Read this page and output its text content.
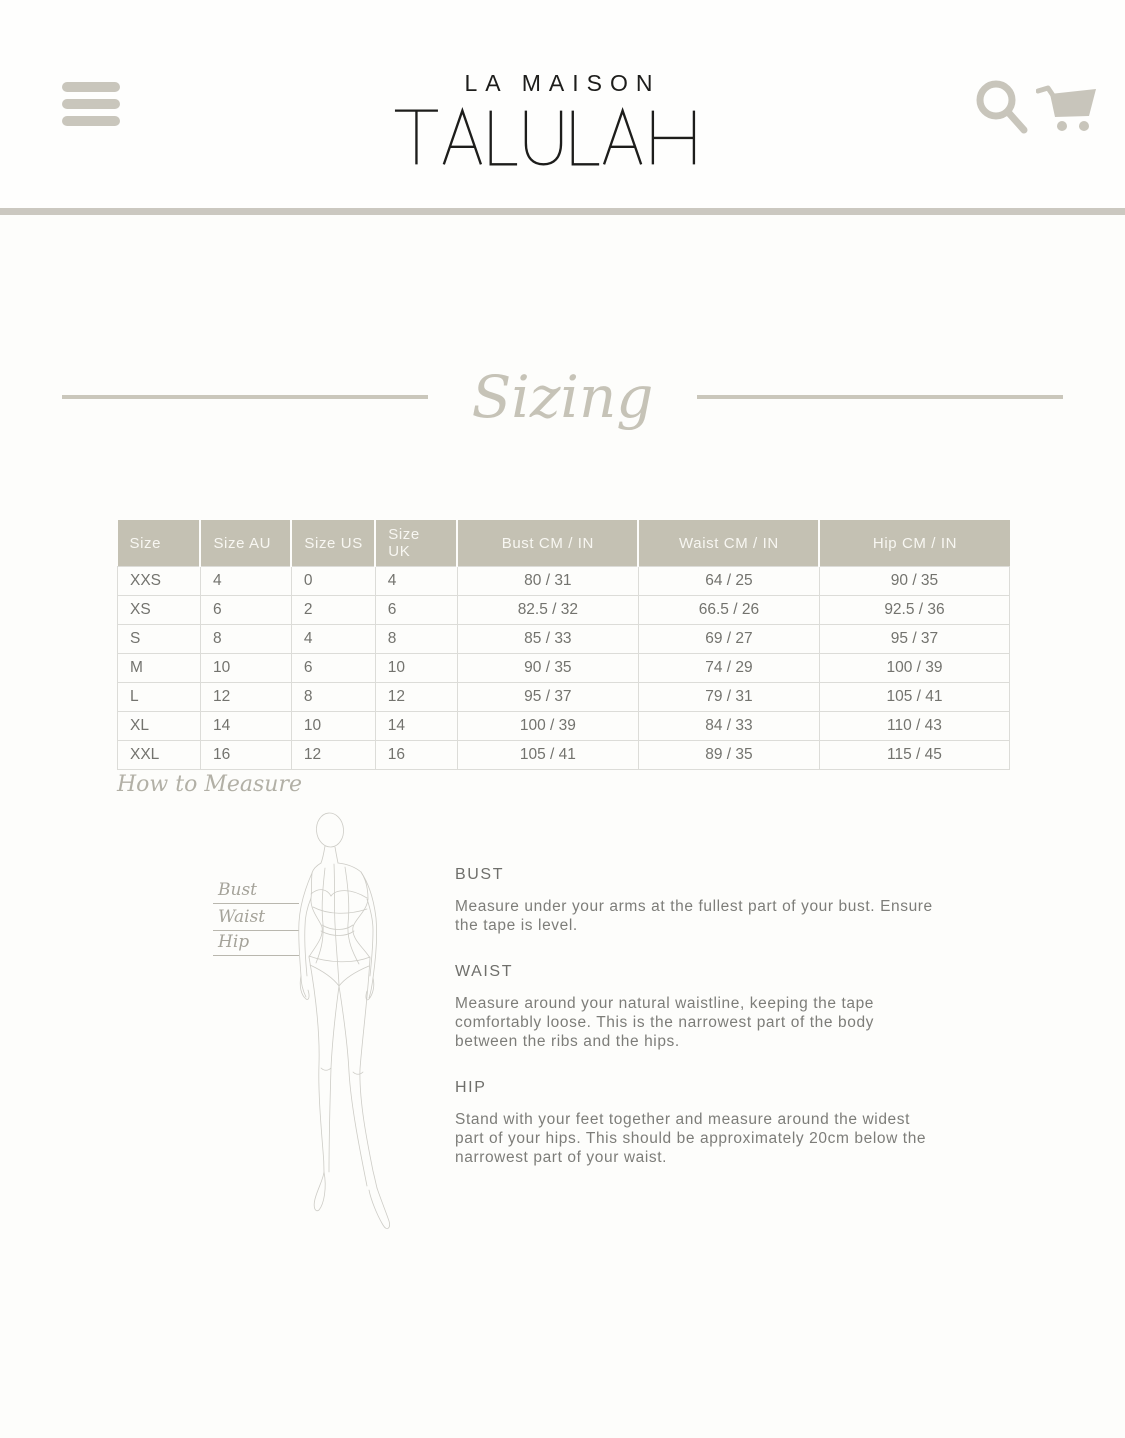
LA MAISON
Sizing
Size	Size AU	Size US	Size UK	Bust CM / IN	Waist CM / IN	Hip CM / IN
XXS	4	0	4	80 / 31	64 / 25	90 / 35
XS	6	2	6	82.5 / 32	66.5 / 26	92.5 / 36
S	8	4	8	85 / 33	69 / 27	95 / 37
M	10	6	10	90 / 35	74 / 29	100 / 39
L	12	8	12	95 / 37	79 / 31	105 / 41
XL	14	10	14	100 / 39	84 / 33	110 / 43
XXL	16	12	16	105 / 41	89 / 35	115 / 45
How to Measure
Bust
Waist
Hip
BUST
Measure under your arms at the fullest part of your bust. Ensure the tape is level.
WAIST
Measure around your natural waistline, keeping the tape comfortably loose. This is the narrowest part of the body between the ribs and the hips.
HIP
Stand with your feet together and measure around the widest part of your hips. This should be approximately 20cm below the narrowest part of your waist.
